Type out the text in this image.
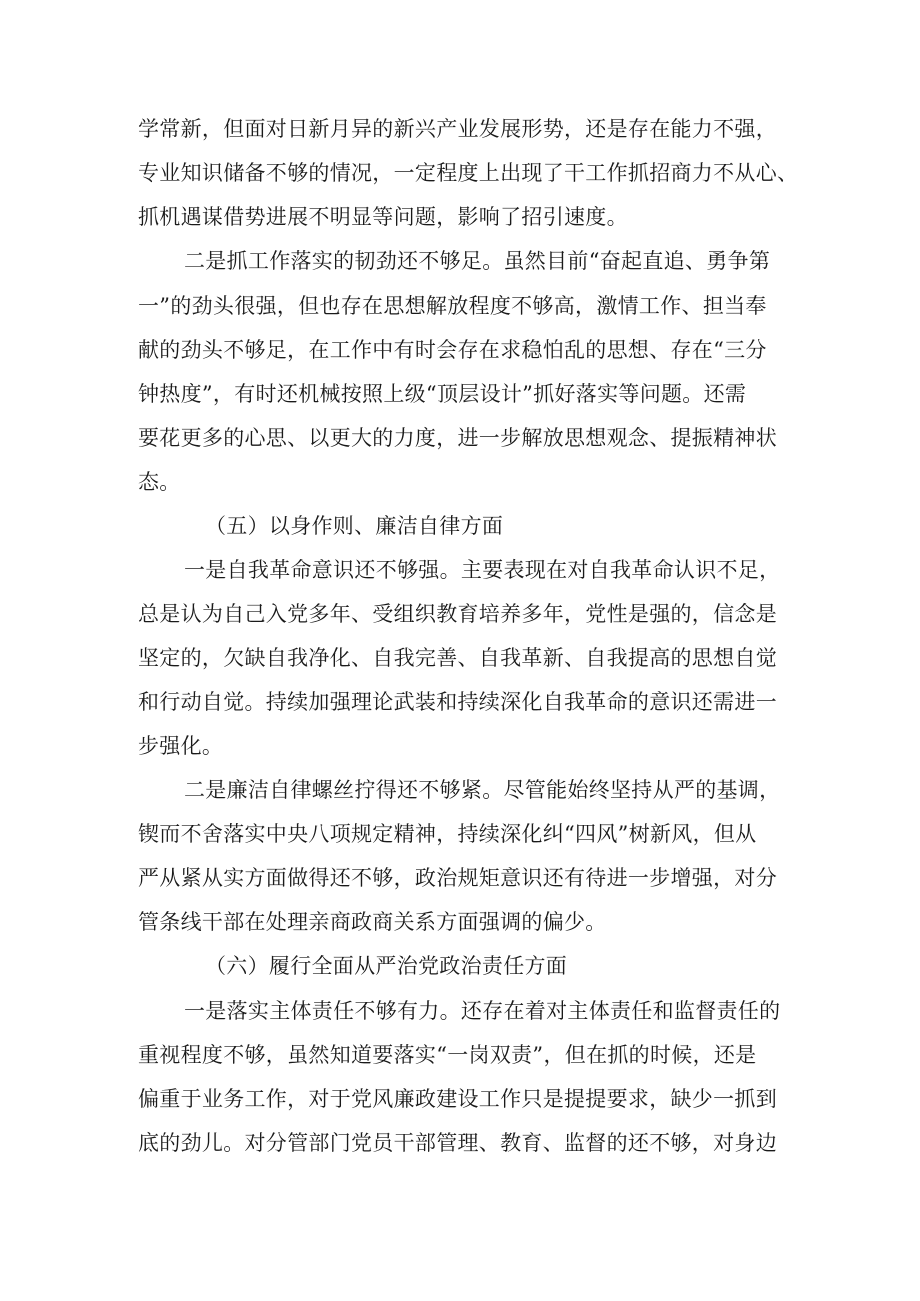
学常新，但面对日新月异的新兴产业发展形势，还是存在能力不强，
专业知识储备不够的情况，一定程度上出现了干工作抓招商力不从心、
抓机遇谋借势进展不明显等问题，影响了招引速度。
二是抓工作落实的韧劲还不够足。虽然目前“奋起直追、勇争第
一”的劲头很强，但也存在思想解放程度不够高，激情工作、担当奉
献的劲头不够足，在工作中有时会存在求稳怕乱的思想、存在“三分
钟热度”，有时还机械按照上级“顶层设计”抓好落实等问题。还需
要花更多的心思、以更大的力度，进一步解放思想观念、提振精神状
态。
（五）以身作则、廉洁自律方面
一是自我革命意识还不够强。主要表现在对自我革命认识不足，
总是认为自己入党多年、受组织教育培养多年，党性是强的，信念是
坚定的，欠缺自我净化、自我完善、自我革新、自我提高的思想自觉
和行动自觉。持续加强理论武装和持续深化自我革命的意识还需进一
步强化。
二是廉洁自律螺丝拧得还不够紧。尽管能始终坚持从严的基调，
锲而不舍落实中央八项规定精神，持续深化纠“四风”树新风，但从
严从紧从实方面做得还不够，政治规矩意识还有待进一步增强，对分
管条线干部在处理亲商政商关系方面强调的偏少。
（六）履行全面从严治党政治责任方面
一是落实主体责任不够有力。还存在着对主体责任和监督责任的
重视程度不够，虽然知道要落实“一岗双责”，但在抓的时候，还是
偏重于业务工作，对于党风廉政建设工作只是提提要求，缺少一抓到
底的劲儿。对分管部门党员干部管理、教育、监督的还不够，对身边
